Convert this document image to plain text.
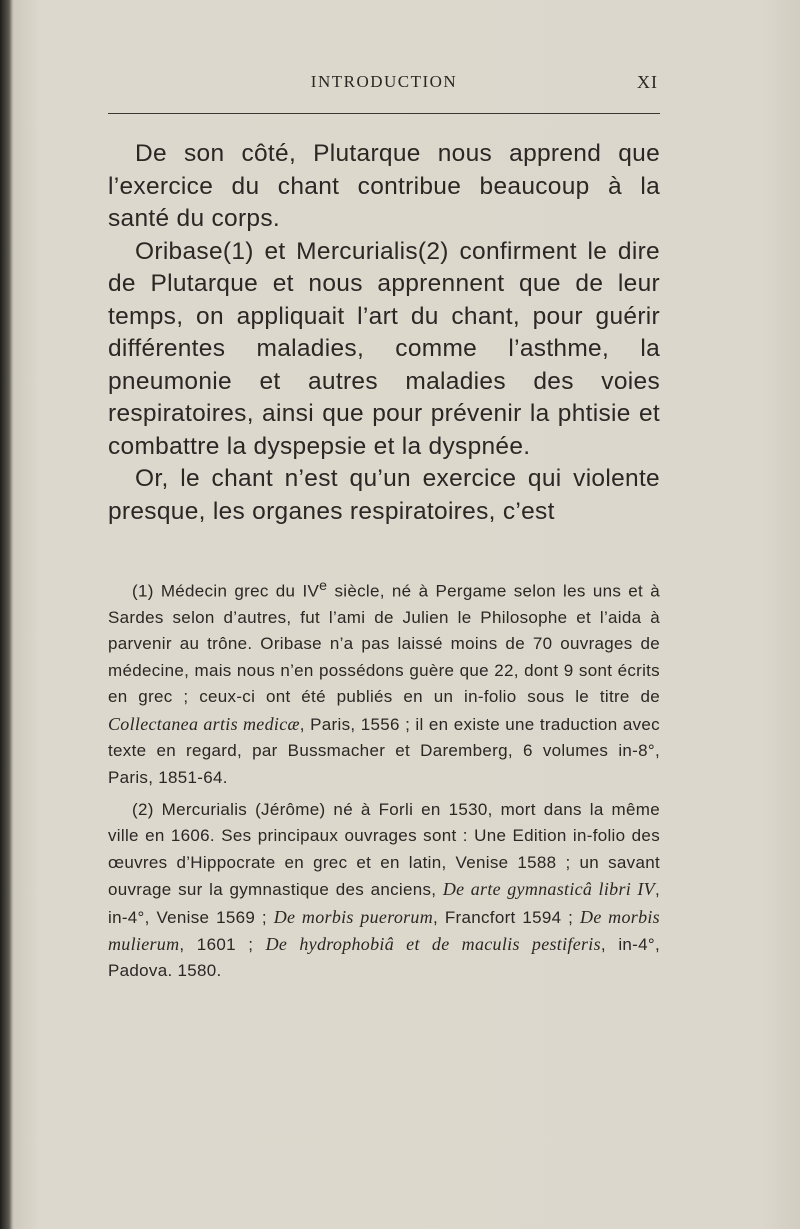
INTRODUCTION	XI

De son côté, Plutarque nous apprend que l’exercice du chant contribue beaucoup à la santé du corps.

Oribase(1) et Mercurialis(2) confirment le dire de Plutarque et nous apprennent que de leur temps, on appliquait l’art du chant, pour guérir différentes maladies, comme l’asthme, la pneumonie et autres maladies des voies respiratoires, ainsi que pour prévenir la phtisie et combattre la dyspepsie et la dyspnée.

Or, le chant n’est qu’un exercice qui violente presque, les organes respiratoires, c’est

(1) Médecin grec du IVe siècle, né à Pergame selon les uns et à Sardes selon d’autres, fut l’ami de Julien le Philosophe et l’aida à parvenir au trône. Oribase n’a pas laissé moins de 70 ouvrages de médecine, mais nous n’en possédons guère que 22, dont 9 sont écrits en grec ; ceux-ci ont été publiés en un in-folio sous le titre de Collectanea artis medicæ, Paris, 1556 ; il en existe une traduction avec texte en regard, par Bussmacher et Daremberg, 6 volumes in-8°, Paris, 1851-64.

(2) Mercurialis (Jérôme) né à Forli en 1530, mort dans la même ville en 1606. Ses principaux ouvrages sont : Une Edition in-folio des œuvres d’Hippocrate en grec et en latin, Venise 1588 ; un savant ouvrage sur la gymnastique des anciens, De arte gymnasticâ libri IV, in-4°, Venise 1569 ; De morbis puerorum, Francfort 1594 ; De morbis mulierum, 1601 ; De hydrophobiâ et de maculis pestiferis, in-4°, Padova. 1580.
